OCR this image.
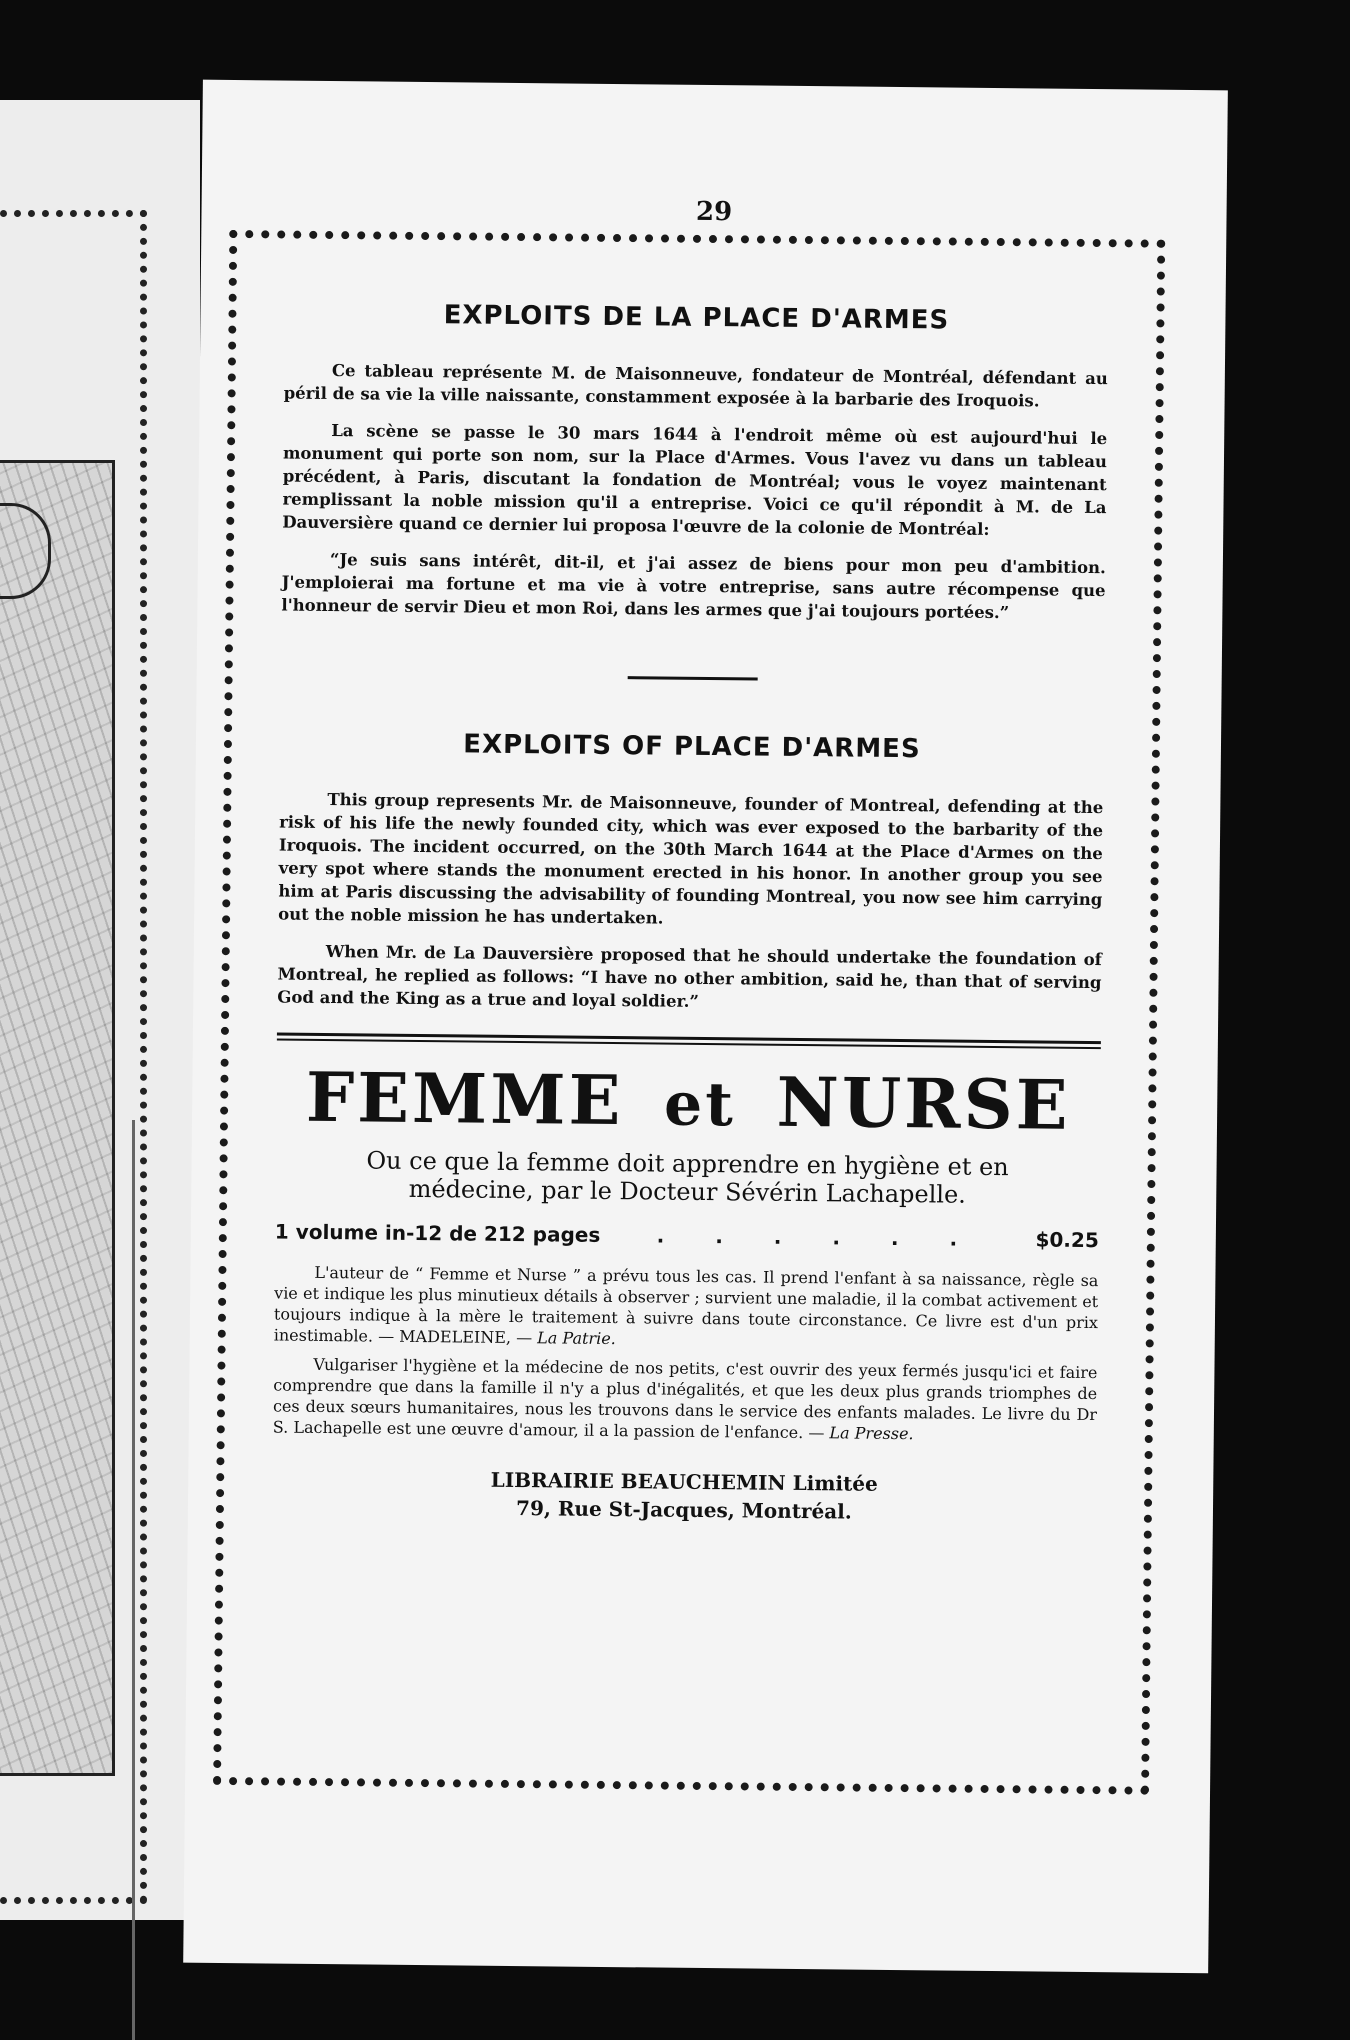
29
EXPLOITS DE LA PLACE D'ARMES

Ce tableau représente M. de Maisonneuve, fondateur de Montréal, défendant au péril de sa vie la ville naissante, constamment exposée à la barbarie des Iroquois.

La scène se passe le 30 mars 1644 à l'endroit même où est aujourd'hui le monument qui porte son nom, sur la Place d'Armes. Vous l'avez vu dans un tableau précédent, à Paris, discutant la fondation de Montréal; vous le voyez maintenant remplissant la noble mission qu'il a entreprise. Voici ce qu'il répondit à M. de La Dauversière quand ce dernier lui proposa l'œuvre de la colonie de Montréal:

“Je suis sans intérêt, dit-il, et j'ai assez de biens pour mon peu d'ambition. J'emploierai ma fortune et ma vie à votre entreprise, sans autre récompense que l'honneur de servir Dieu et mon Roi, dans les armes que j'ai toujours portées.”

EXPLOITS OF PLACE D'ARMES

This group represents Mr. de Maisonneuve, founder of Montreal, defending at the risk of his life the newly founded city, which was ever exposed to the barbarity of the Iroquois. The incident occurred, on the 30th March 1644 at the Place d'Armes on the very spot where stands the monument erected in his honor. In another group you see him at Paris discussing the advisability of founding Montreal, you now see him carrying out the noble mission he has undertaken.

When Mr. de La Dauversière proposed that he should undertake the foundation of Montreal, he replied as follows: “I have no other ambition, said he, than that of serving God and the King as a true and loyal soldier.”

FEMME et NURSE

Ou ce que la femme doit apprendre en hygiène et en médecine, par le Docteur Sévérin Lachapelle.

1 volume in-12 de 212 pages	. . . . . .	$0.25

L'auteur de “ Femme et Nurse ” a prévu tous les cas. Il prend l'enfant à sa naissance, règle sa vie et indique les plus minutieux détails à observer ; survient une maladie, il la combat activement et toujours indique à la mère le traitement à suivre dans toute circonstance. Ce livre est d'un prix inestimable. — MADELEINE, — La Patrie.

Vulgariser l'hygiène et la médecine de nos petits, c'est ouvrir des yeux fermés jusqu'ici et faire comprendre que dans la famille il n'y a plus d'inégalités, et que les deux plus grands triomphes de ces deux sœurs humanitaires, nous les trouvons dans le service des enfants malades. Le livre du Dr S. Lachapelle est une œuvre d'amour, il a la passion de l'enfance. — La Presse.

LIBRAIRIE BEAUCHEMIN Limitée
79, Rue St-Jacques, Montréal.
